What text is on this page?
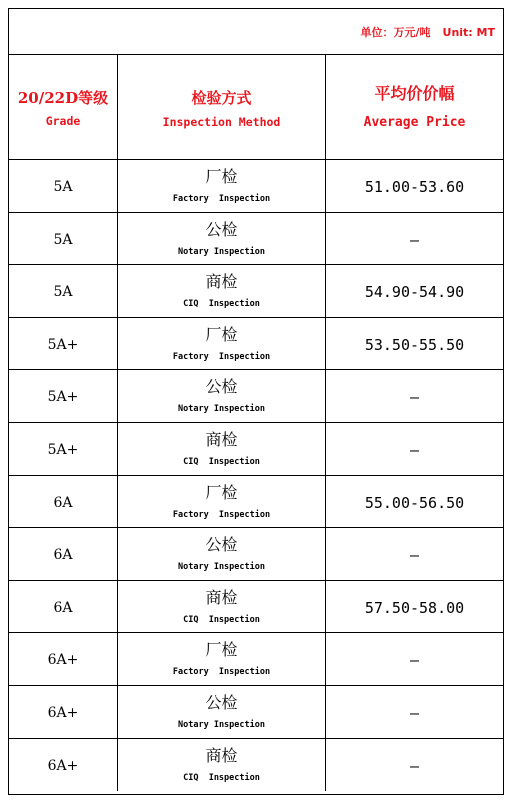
单位：万元/吨 Unit: MT
20/22D等级
Grade
检验方式
Inspection Method
平均价价幅
Average Price
5A
厂检
Factory  Inspection
51.00-53.60
5A
公检
Notary Inspection
–
5A
商检
CIQ  Inspection
54.90-54.90
5A+
厂检
Factory  Inspection
53.50-55.50
5A+
公检
Notary Inspection
–
5A+
商检
CIQ  Inspection
–
6A
厂检
Factory  Inspection
55.00-56.50
6A
公检
Notary Inspection
–
6A
商检
CIQ  Inspection
57.50-58.00
6A+
厂检
Factory  Inspection
–
6A+
公检
Notary Inspection
–
6A+
商检
CIQ  Inspection
–
